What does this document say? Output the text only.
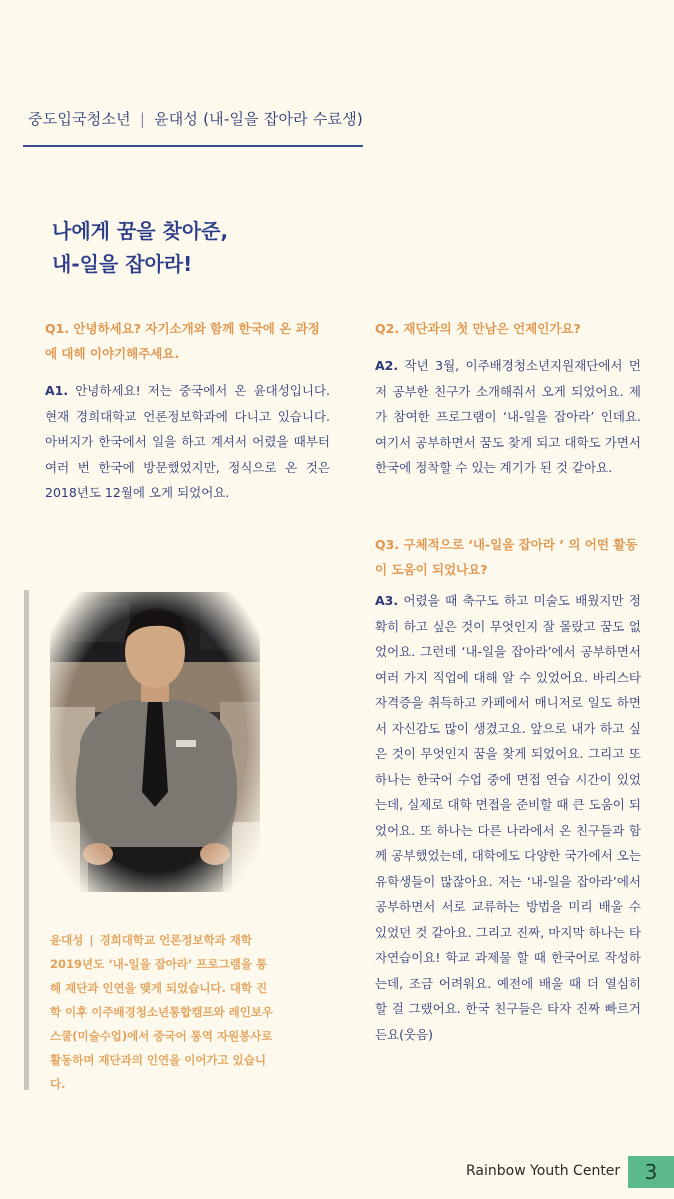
중도입국청소년 | 윤대성 (내-일을 잡아라 수료생)
나에게 꿈을 찾아준,
내-일을 잡아라!
Q1. 안녕하세요? 자기소개와 함께 한국에 온 과정에 대해 이야기해주세요.
A1. 안녕하세요! 저는 중국에서 온 윤대성입니다. 현재 경희대학교 언론정보학과에 다니고 있습니다. 아버지가 한국에서 일을 하고 계셔서 어렸을 때부터 여러 번 한국에 방문했었지만, 정식으로 온 것은 2018년도 12월에 오게 되었어요.
Q2. 재단과의 첫 만남은 언제인가요?
A2. 작년 3월, 이주배경청소년지원재단에서 먼저 공부한 친구가 소개해줘서 오게 되었어요. 제가 참여한 프로그램이 ‘내-일을 잡아라’ 인데요. 여기서 공부하면서 꿈도 찾게 되고 대학도 가면서 한국에 정착할 수 있는 계기가 된 것 같아요.
Q3. 구체적으로 ‘내-일을 잡아라 ’ 의 어떤 활동이 도움이 되었나요?
A3. 어렸을 때 축구도 하고 미술도 배웠지만 정확히 하고 싶은 것이 무엇인지 잘 몰랐고 꿈도 없었어요. 그런데 ‘내-일을 잡아라’에서 공부하면서 여러 가지 직업에 대해 알 수 있었어요. 바리스타 자격증을 취득하고 카페에서 매니저로 일도 하면서 자신감도 많이 생겼고요. 앞으로 내가 하고 싶은 것이 무엇인지 꿈을 찾게 되었어요. 그리고 또 하나는 한국어 수업 중에 면접 연습 시간이 있었는데, 실제로 대학 면접을 준비할 때 큰 도움이 되었어요. 또 하나는 다른 나라에서 온 친구들과 함께 공부했었는데, 대학에도 다양한 국가에서 오는 유학생들이 많잖아요. 저는 ‘내-일을 잡아라’에서 공부하면서 서로 교류하는 방법을 미리 배울 수 있었던 것 같아요. 그리고 진짜, 마지막 하나는 타자연습이요! 학교 과제물 할 때 한국어로 작성하는데, 조금 어려워요. 예전에 배울 때 더 열심히 할 걸 그랬어요. 한국 친구들은 타자 진짜 빠르거든요(웃음)
윤대성 | 경희대학교 언론정보학과 재학 2019년도 ‘내-일을 잡아라’ 프로그램을 통해 재단과 인연을 맺게 되었습니다. 대학 진학 이후 이주배경청소년통합캠프와 레인보우스쿨(미술수업)에서 중국어 통역 자원봉사로 활동하며 재단과의 인연을 이어가고 있습니다.
Rainbow Youth Center	3
